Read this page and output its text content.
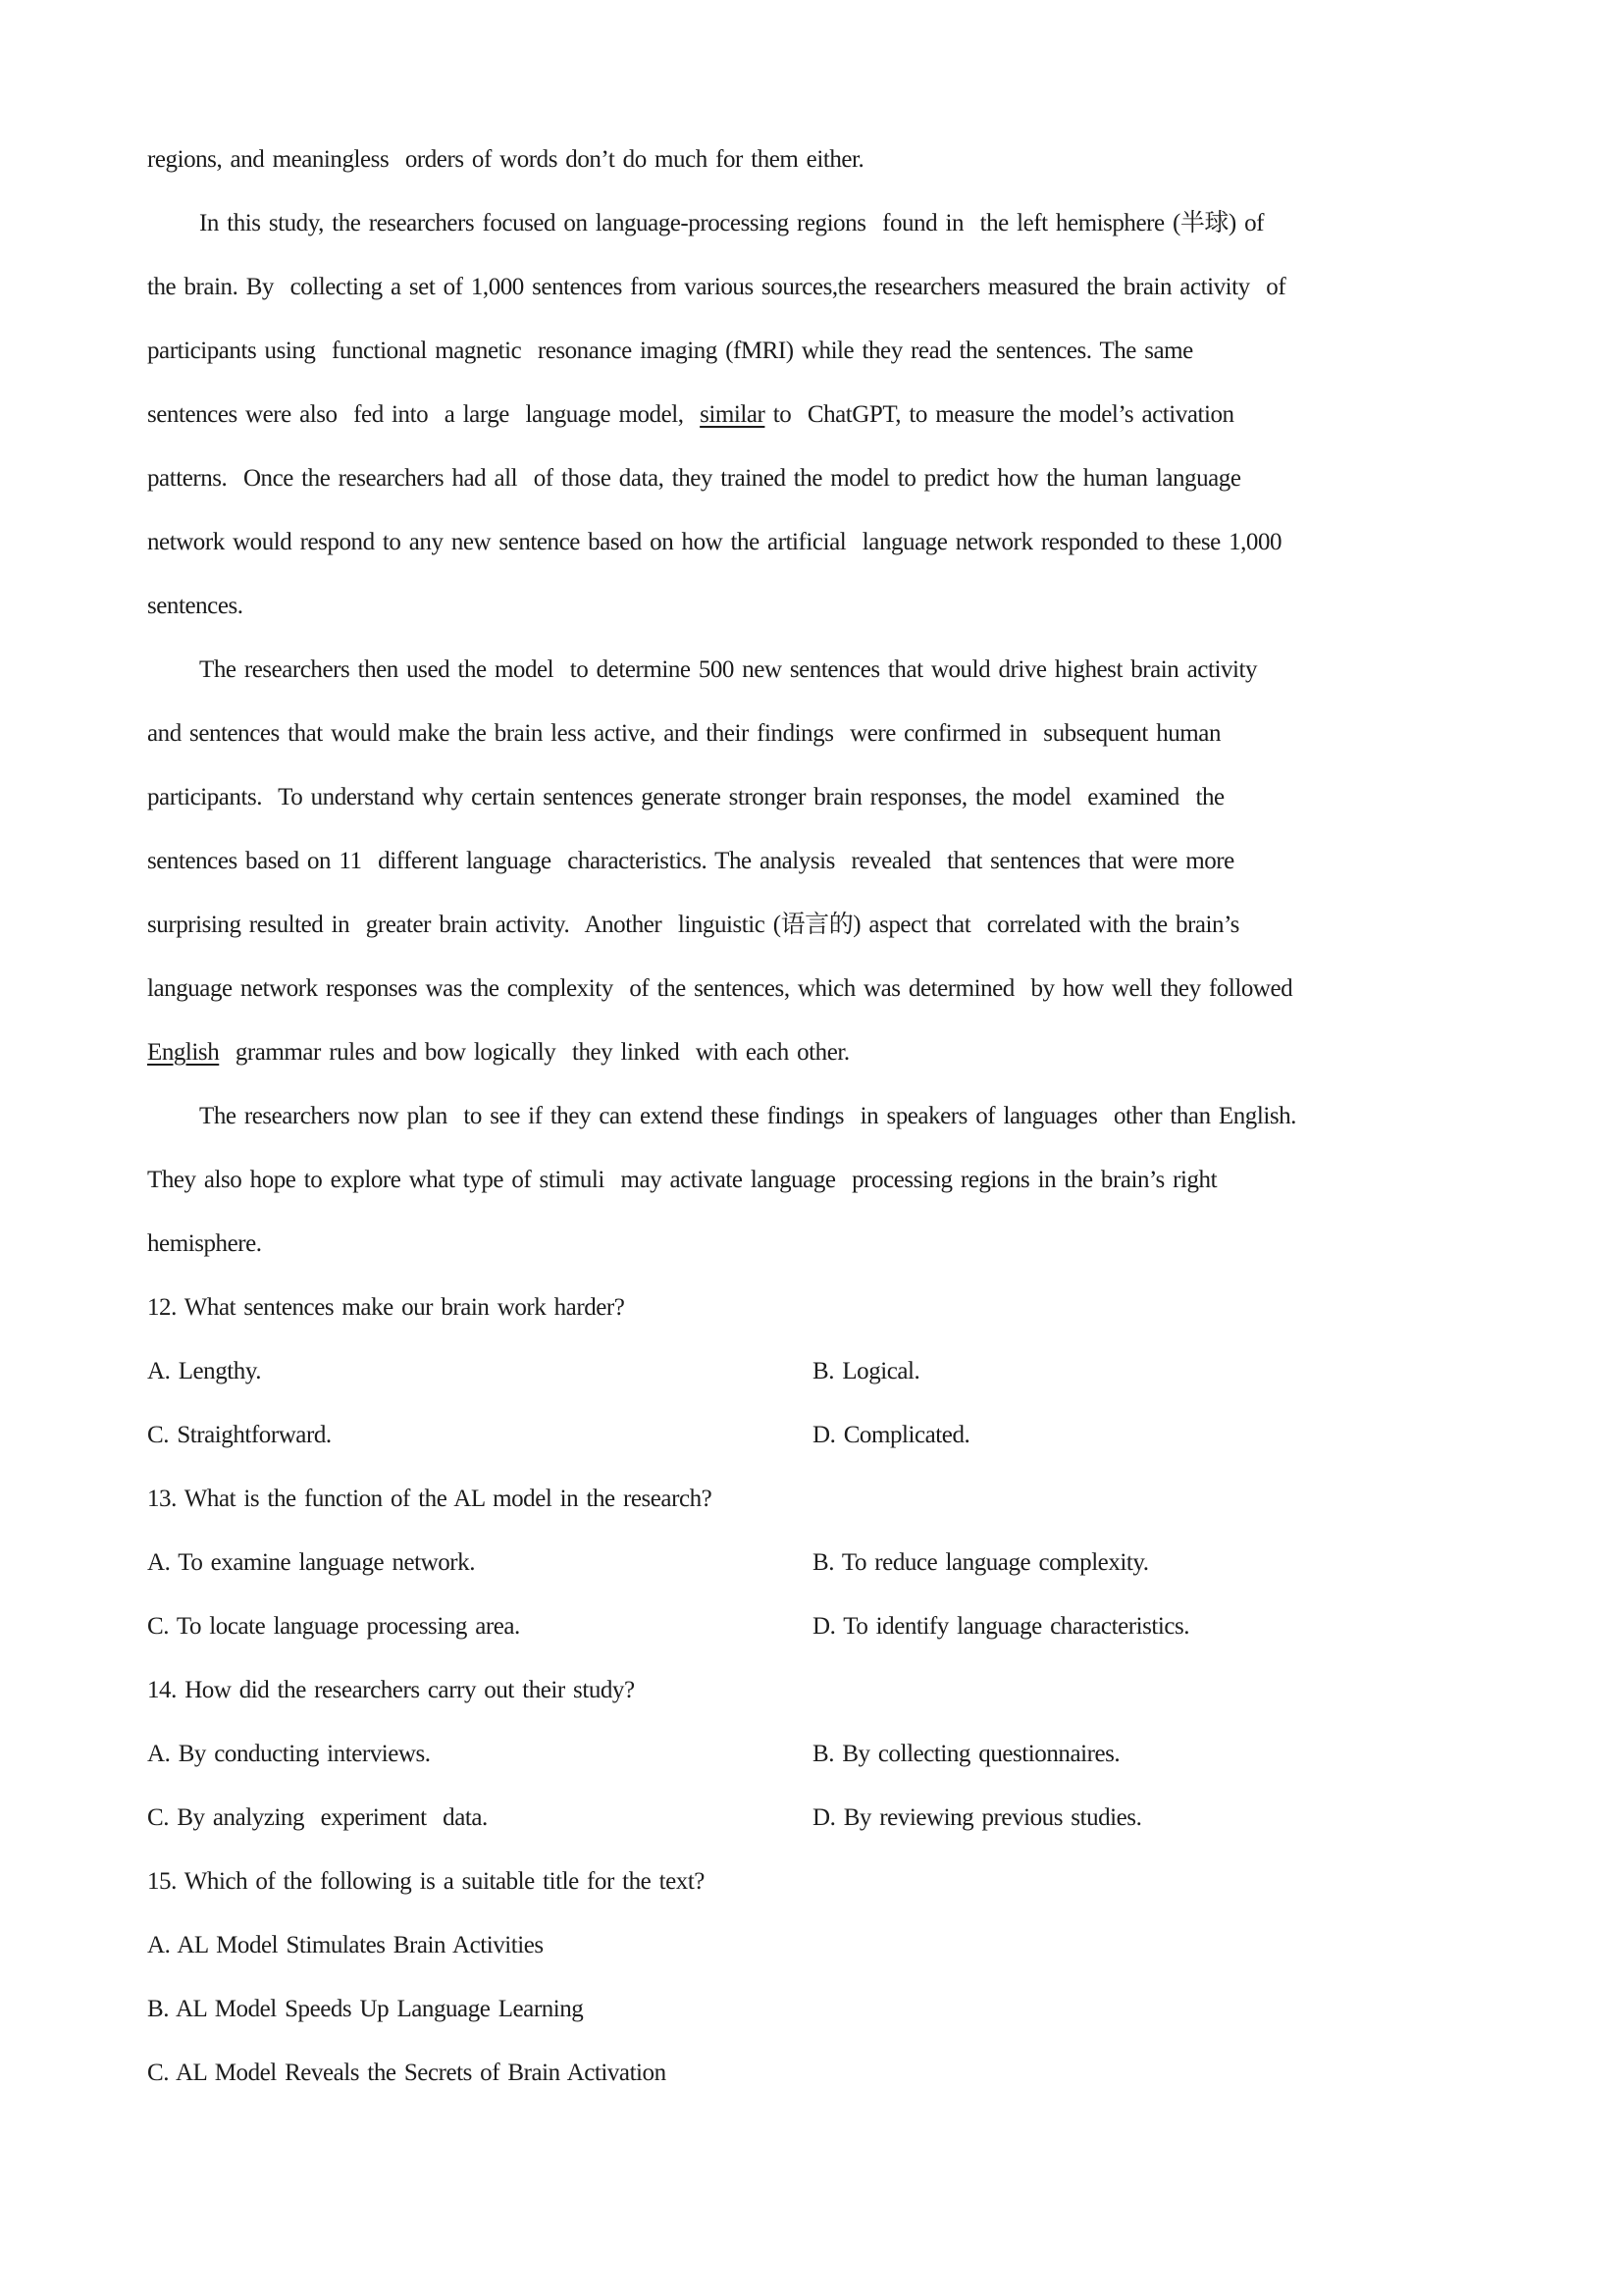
regions, and meaningless  orders of words don’t do much for them either.
In this study, the researchers focused on language-processing regions  found in  the left hemisphere (半球) of
the brain. By  collecting a set of 1,000 sentences from various sources,the researchers measured the brain activity  of
participants using  functional magnetic  resonance imaging (fMRI) while they read the sentences. The same
sentences were also  fed into  a large  language model,  similar to  ChatGPT, to measure the model’s activation
patterns.  Once the researchers had all  of those data, they trained the model to predict how the human language
network would respond to any new sentence based on how the artificial  language network responded to these 1,000
sentences.
The researchers then used the model  to determine 500 new sentences that would drive highest brain activity
and sentences that would make the brain less active, and their findings  were confirmed in  subsequent human
participants.  To understand why certain sentences generate stronger brain responses, the model  examined  the
sentences based on 11  different language  characteristics. The analysis  revealed  that sentences that were more
surprising resulted in  greater brain activity.  Another  linguistic (语言的) aspect that  correlated with the brain’s
language network responses was the complexity  of the sentences, which was determined  by how well they followed
English  grammar rules and bow logically  they linked  with each other.
The researchers now plan  to see if they can extend these findings  in speakers of languages  other than English.
They also hope to explore what type of stimuli  may activate language  processing regions in the brain’s right
hemisphere.
12. What sentences make our brain work harder?
A. Lengthy.	B. Logical.
C. Straightforward.	D. Complicated.
13. What is the function of the AL model in the research?
A. To examine language network.	B. To reduce language complexity.
C. To locate language processing area.	D. To identify language characteristics.
14. How did the researchers carry out their study?
A. By conducting interviews.	B. By collecting questionnaires.
C. By analyzing  experiment  data.	D. By reviewing previous studies.
15. Which of the following is a suitable title for the text?
A. AL Model Stimulates Brain Activities
B. AL Model Speeds Up Language Learning
C. AL Model Reveals the Secrets of Brain Activation
